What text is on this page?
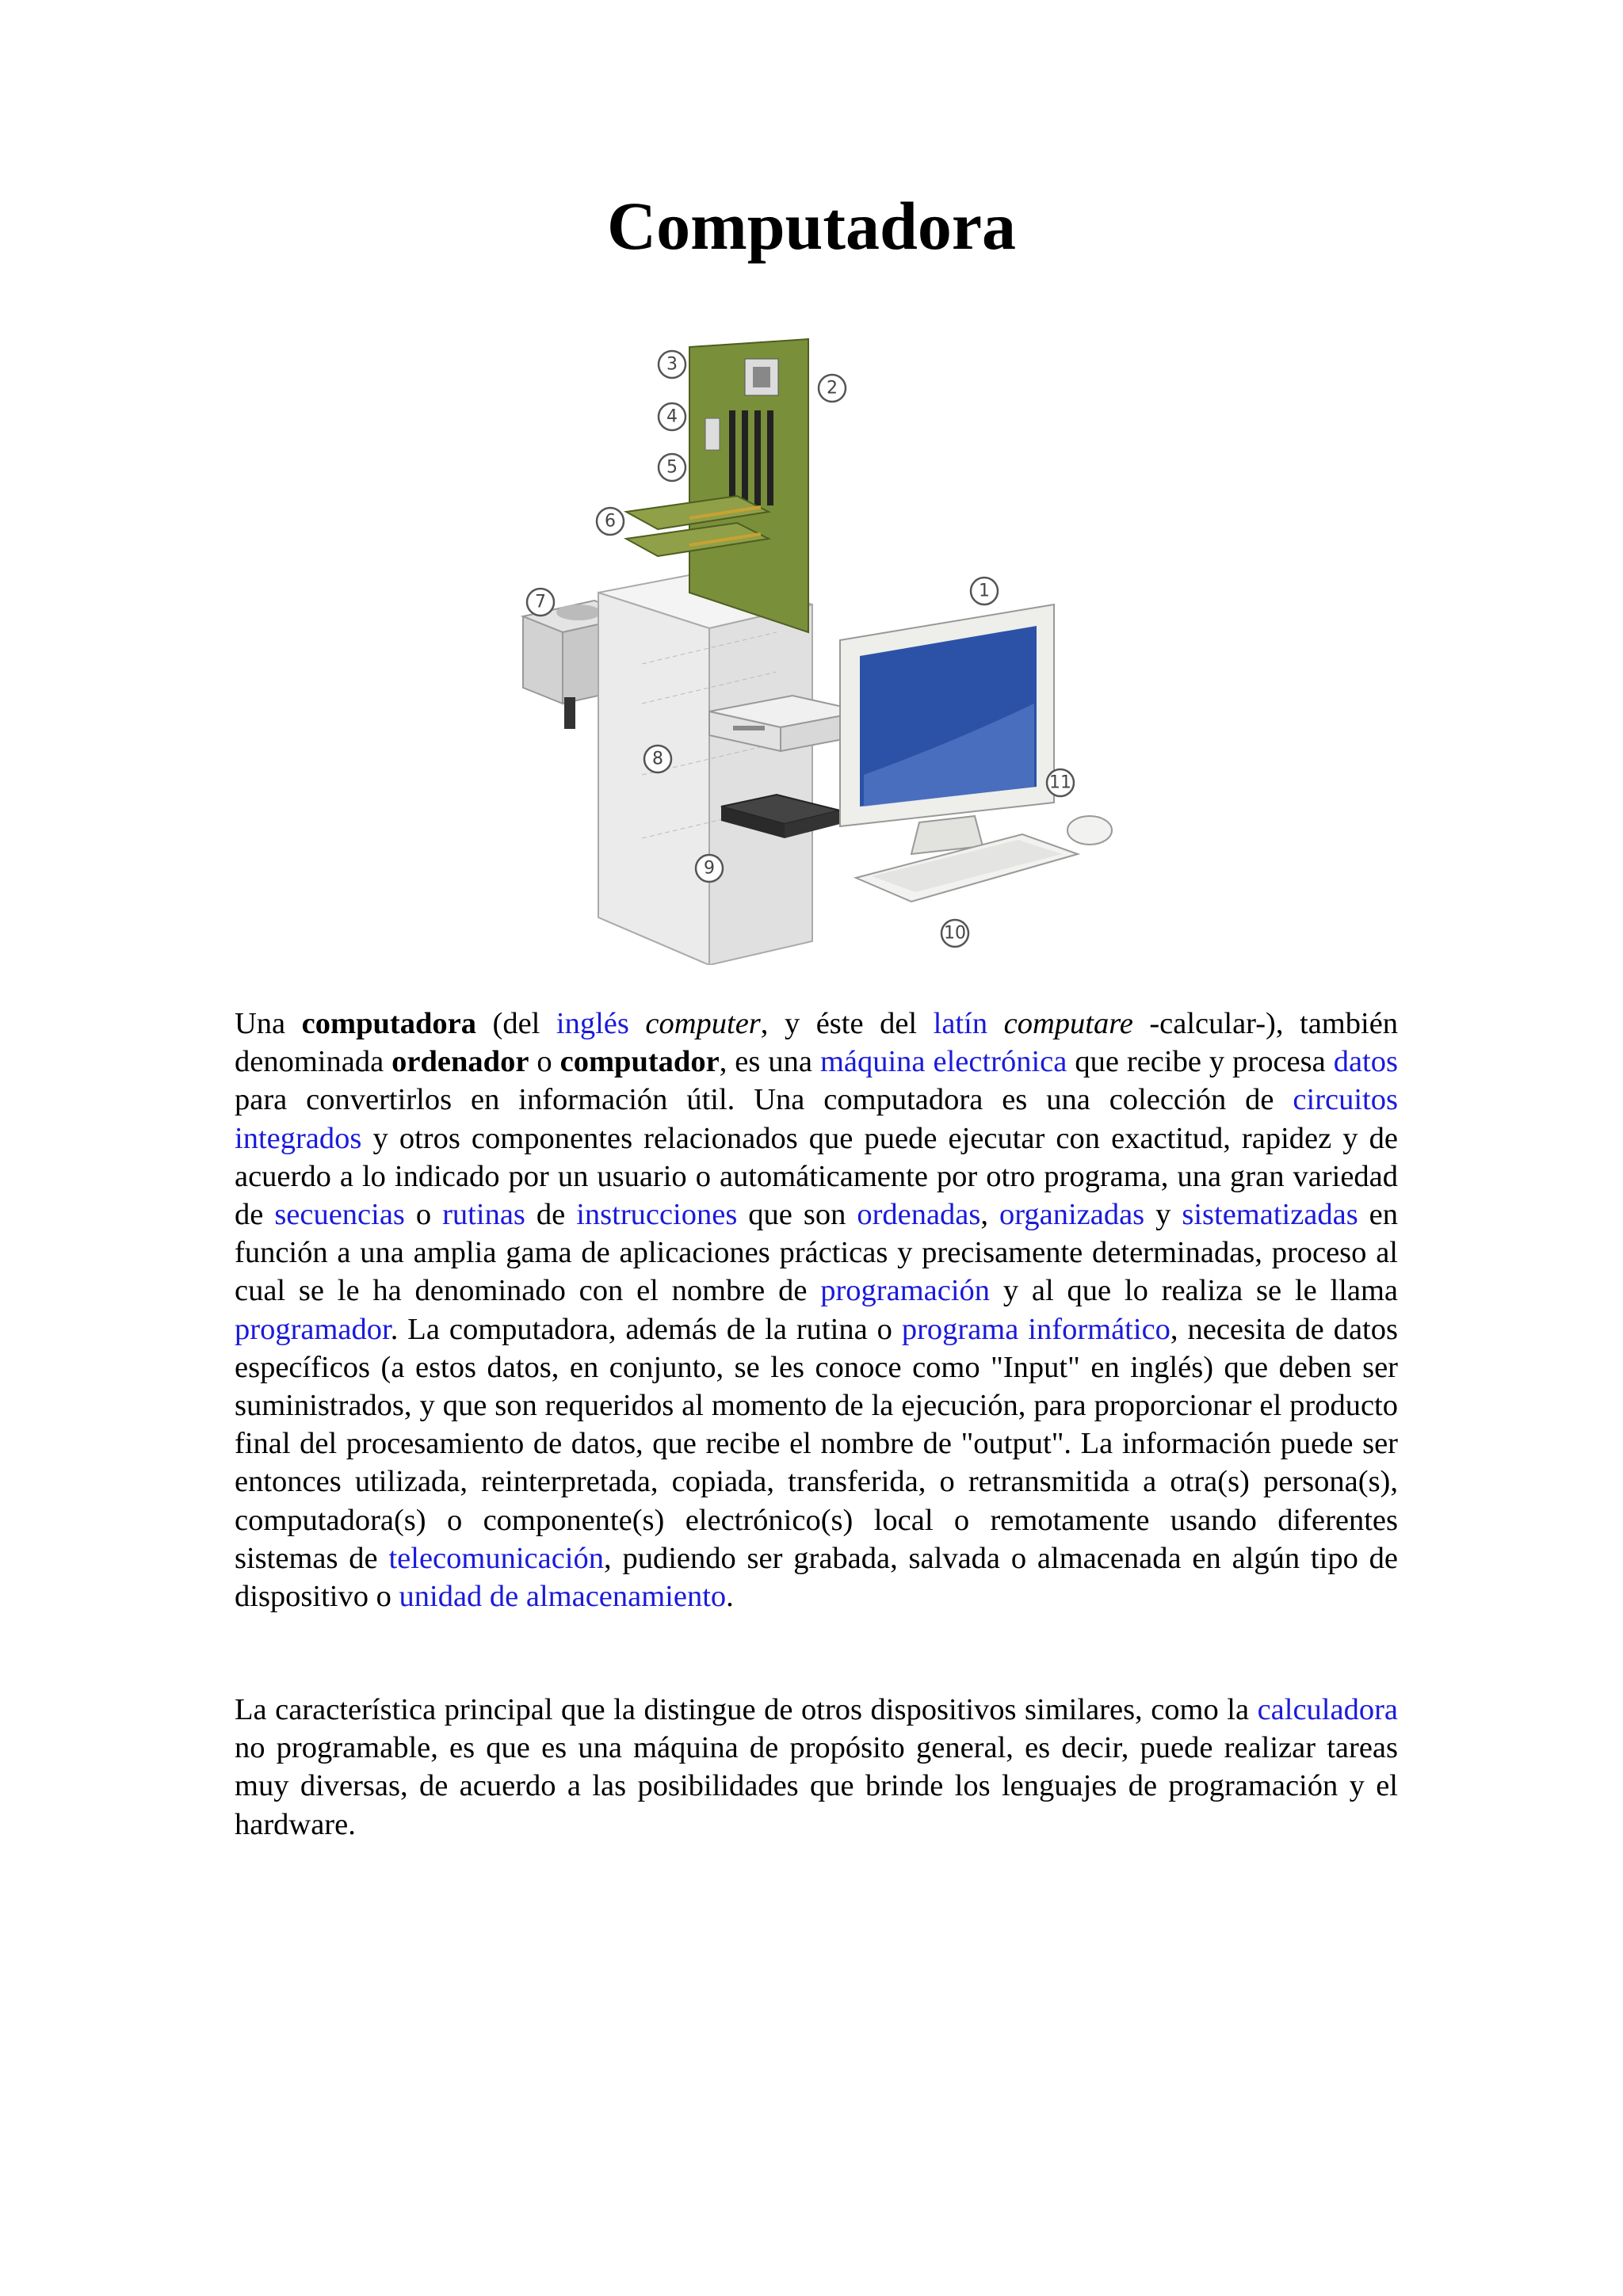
Computadora
3
2
4
5
6
7
1
8
11
9
10

Una computadora (del inglés computer, y éste del latín computare -calcular-), también denominada ordenador o computador, es una máquina electrónica que recibe y procesa datos para convertirlos en información útil. Una computadora es una colección de circuitos integrados y otros componentes relacionados que puede ejecutar con exactitud, rapidez y de acuerdo a lo indicado por un usuario o automáticamente por otro programa, una gran variedad de secuencias o rutinas de instrucciones que son ordenadas, organizadas y sistematizadas en función a una amplia gama de aplicaciones prácticas y precisamente determinadas, proceso al cual se le ha denominado con el nombre de programación y al que lo realiza se le llama programador. La computadora, además de la rutina o programa informático, necesita de datos específicos (a estos datos, en conjunto, se les conoce como "Input" en inglés) que deben ser suministrados, y que son requeridos al momento de la ejecución, para proporcionar el producto final del procesamiento de datos, que recibe el nombre de "output". La información puede ser entonces utilizada, reinterpretada, copiada, transferida, o retransmitida a otra(s) persona(s), computadora(s) o componente(s) electrónico(s) local o remotamente usando diferentes sistemas de telecomunicación, pudiendo ser grabada, salvada o almacenada en algún tipo de dispositivo o unidad de almacenamiento.

La característica principal que la distingue de otros dispositivos similares, como la calculadora no programable, es que es una máquina de propósito general, es decir, puede realizar tareas muy diversas, de acuerdo a las posibilidades que brinde los lenguajes de programación y el hardware.
